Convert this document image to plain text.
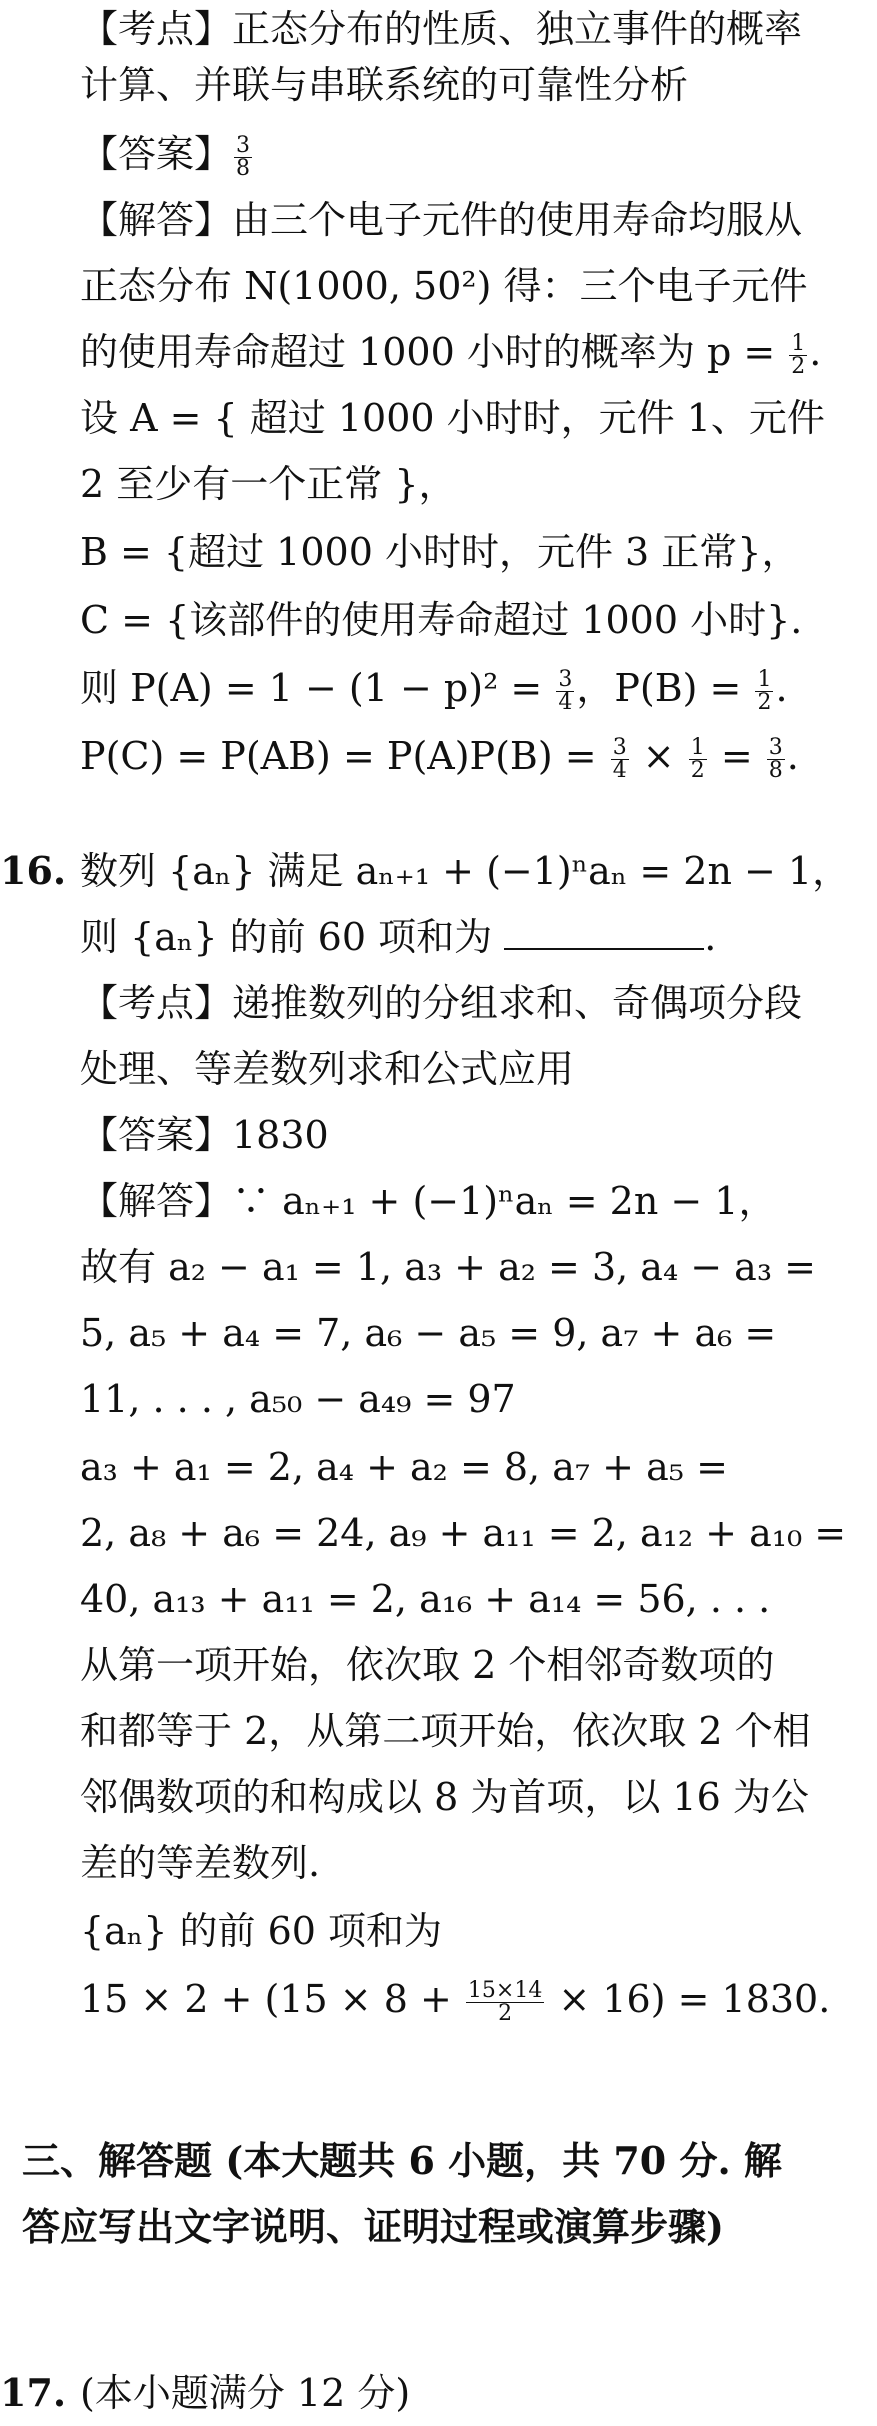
【考点】正态分布的性质、独立事件的概率
计算、并联与串联系统的可靠性分析
【答案】 $\frac{3}{8}$
【解答】由三个电子元件的使用寿命均服从
正态分布 N(1000, 50²) 得：三个电子元件
的使用寿命超过 1000 小时的概率为 $p = \frac{1}{2}$ .
设 A = { 超过 1000 小时时，元件 1、元件
2 至少有一个正常 }，
B = {超过 1000 小时时，元件 3 正常}，
C = {该部件的使用寿命超过 1000 小时}.
则 $P(A) = 1 - (1 - p)^2 = \frac{3}{4}$ ，$P(B) = \frac{1}{2}$ .
$P(C) = P(AB) = P(A)P(B) = \frac{3}{4} \times \frac{1}{2} = \frac{3}{8}$ .
16. 数列 {aₙ} 满足 aₙ₊₁ + (−1)ⁿaₙ = 2n − 1，
则 {aₙ} 的前 60 项和为	.
【考点】递推数列的分组求和、奇偶项分段
处理、等差数列求和公式应用
【答案】1830
【解答】∵ aₙ₊₁ + (−1)ⁿaₙ = 2n − 1，
故有 a₂ − a₁ = 1, a₃ + a₂ = 3, a₄ − a₃ =
5, a₅ + a₄ = 7, a₆ − a₅ = 9, a₇ + a₆ =
11, . . . , a₅₀ − a₄₉ = 97
a₃ + a₁ = 2, a₄ + a₂ = 8, a₇ + a₅ =
2, a₈ + a₆ = 24, a₉ + a₁₁ = 2, a₁₂ + a₁₀ =
40, a₁₃ + a₁₁ = 2, a₁₆ + a₁₄ = 56, . . .
从第一项开始，依次取 2 个相邻奇数项的
和都等于 2，从第二项开始，依次取 2 个相
邻偶数项的和构成以 8 为首项，以 16 为公
差的等差数列.
{aₙ} 的前 60 项和为
$15 \times 2 + (15 \times 8 + \frac{15\times 14}{2} \times 16) = 1830$.
三、解答题 (本大题共 6 小题，共 70 分. 解
答应写出文字说明、证明过程或演算步骤)
17. (本小题满分 12 分)
